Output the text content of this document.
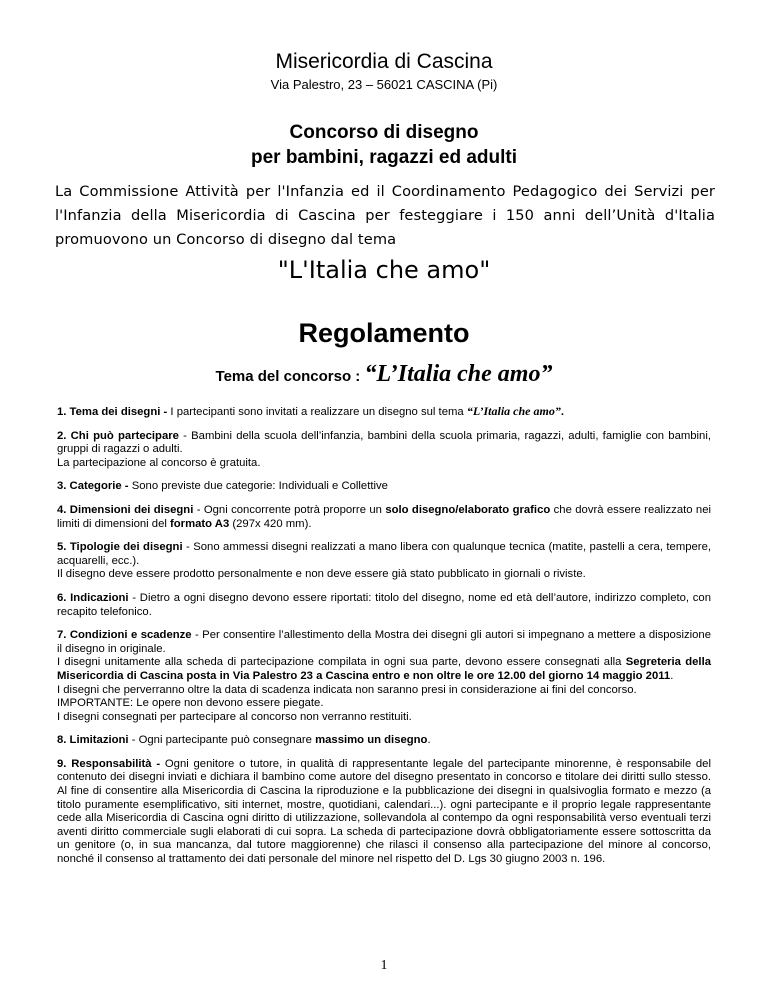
Misericordia di Cascina
Via Palestro, 23 – 56021 CASCINA (Pi)
Concorso di disegno
per bambini, ragazzi ed adulti
La Commissione Attività per l'Infanzia ed il Coordinamento Pedagogico dei Servizi per l'Infanzia della Misericordia di Cascina per festeggiare i 150 anni dell’Unità d'Italia promuovono un Concorso di disegno dal tema
"L'Italia che amo"
Regolamento
Tema del concorso : “L’Italia che amo”

1. Tema dei disegni - I partecipanti sono invitati a realizzare un disegno sul tema “L’Italia che amo”.

2. Chi può partecipare - Bambini della scuola dell’infanzia, bambini della scuola primaria, ragazzi, adulti, famiglie con bambini, gruppi di ragazzi o adulti.

La partecipazione al concorso è gratuita.

3. Categorie - Sono previste due categorie: Individuali e Collettive

4. Dimensioni dei disegni - Ogni concorrente potrà proporre un solo disegno/elaborato grafico che dovrà essere realizzato nei limiti di dimensioni del formato A3 (297x 420 mm).

5. Tipologie dei disegni - Sono ammessi disegni realizzati a mano libera con qualunque tecnica (matite, pastelli a cera, tempere, acquarelli, ecc.).

Il disegno deve essere prodotto personalmente e non deve essere già stato pubblicato in giornali o riviste.

6. Indicazioni - Dietro a ogni disegno devono essere riportati: titolo del disegno, nome ed età dell’autore, indirizzo completo, con recapito telefonico.

7. Condizioni e scadenze - Per consentire l’allestimento della Mostra dei disegni gli autori si impegnano a mettere a disposizione il disegno in originale.

I disegni unitamente alla scheda di partecipazione compilata in ogni sua parte, devono essere consegnati alla Segreteria della Misericordia di Cascina posta in Via Palestro 23 a Cascina entro e non oltre le ore 12.00 del giorno 14 maggio 2011.

I disegni che perverranno oltre la data di scadenza indicata non saranno presi in considerazione ai fini del concorso.

IMPORTANTE: Le opere non devono essere piegate.

I disegni consegnati per partecipare al concorso non verranno restituiti.

8. Limitazioni - Ogni partecipante può consegnare massimo un disegno.

9. Responsabilità - Ogni genitore o tutore, in qualità di rappresentante legale del partecipante minorenne, è responsabile del contenuto dei disegni inviati e dichiara il bambino come autore del disegno presentato in concorso e titolare dei diritti sullo stesso. Al fine di consentire alla Misericordia di Cascina la riproduzione e la pubblicazione dei disegni in qualsivoglia formato e mezzo (a titolo puramente esemplificativo, siti internet, mostre, quotidiani, calendari...). ogni partecipante e il proprio legale rappresentante cede alla Misericordia di Cascina ogni diritto di utilizzazione, sollevandola al contempo da ogni responsabilità verso eventuali terzi aventi diritto commerciale sugli elaborati di cui sopra. La scheda di partecipazione dovrà obbligatoriamente essere sottoscritta da un genitore (o, in sua mancanza, dal tutore maggiorenne) che rilasci il consenso alla partecipazione del minore al concorso, nonché il consenso al trattamento dei dati personale del minore nel rispetto del D. Lgs 30 giugno 2003 n. 196.

1
